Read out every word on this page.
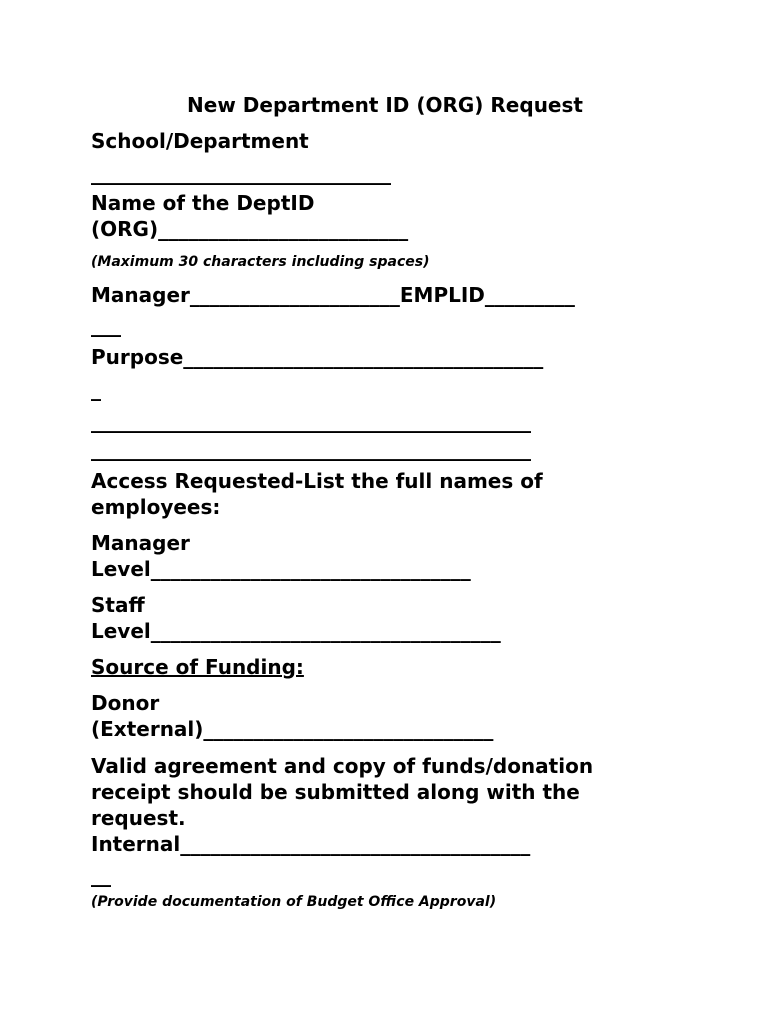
New Department ID (ORG) Request
School/Department
______________________________
Name of the DeptID
(ORG)_________________________
(Maximum 30 characters including spaces)
Manager_____________________EMPLID_________
___
Purpose____________________________________
_
____________________________________________
____________________________________________
Access Requested-List the full names of
employees:
Manager
Level________________________________
Staff
Level___________________________________
Source of Funding:
Donor
(External)_____________________________
Valid agreement and copy of funds/donation
receipt should be submitted along with the
request.
Internal___________________________________
__
(Provide documentation of Budget Office Approval)
